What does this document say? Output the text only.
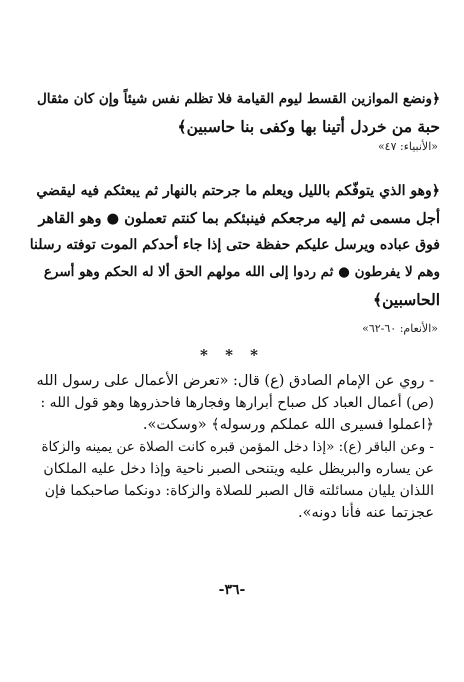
﴿ونضع الموازين القسط ليوم القيامة فلا تظلم نفس شيئاً وإن كان مثقال
حبة من خردل أتينا بها وكفى بنا حاسبين﴾
«الأنبياء: ٤٧»
﴿وهو الذي يتوفّكم بالليل ويعلم ما جرحتم بالنهار ثم يبعثكم فيه ليقضي
أجل مسمى ثم إليه مرجعكم فينبئكم بما كنتم تعملون ● وهو القاهر
فوق عباده ويرسل عليكم حفظة حتى إذا جاء أحدكم الموت توفته رسلنا
وهم لا يفرطون ● ثم ردوا إلى الله مولهم الحق ألا له الحكم وهو أسرع
الحاسبين﴾
«الأنعام: ٦٠-٦٢»
* * *
- روي عن الإمام الصادق (ع) قال: «تعرض الأعمال على رسول الله
(ص) أعمال العباد كل صباح أبرارها وفجارها فاحذروها وهو قول الله :
﴿اعملوا فسيرى الله عملكم ورسوله﴾ «وسكت».
- وعن الباقر (ع): «إذا دخل المؤمن قبره كانت الصلاة عن يمينه والزكاة
عن يساره والبريظل عليه ويتنحى الصبر ناحية وإذا دخل عليه الملكان
اللذان يليان مسائلته قال الصبر للصلاة والزكاة: دونكما صاحبكما فإن
عجزتما عنه فأنا دونه».
-٣٦-
